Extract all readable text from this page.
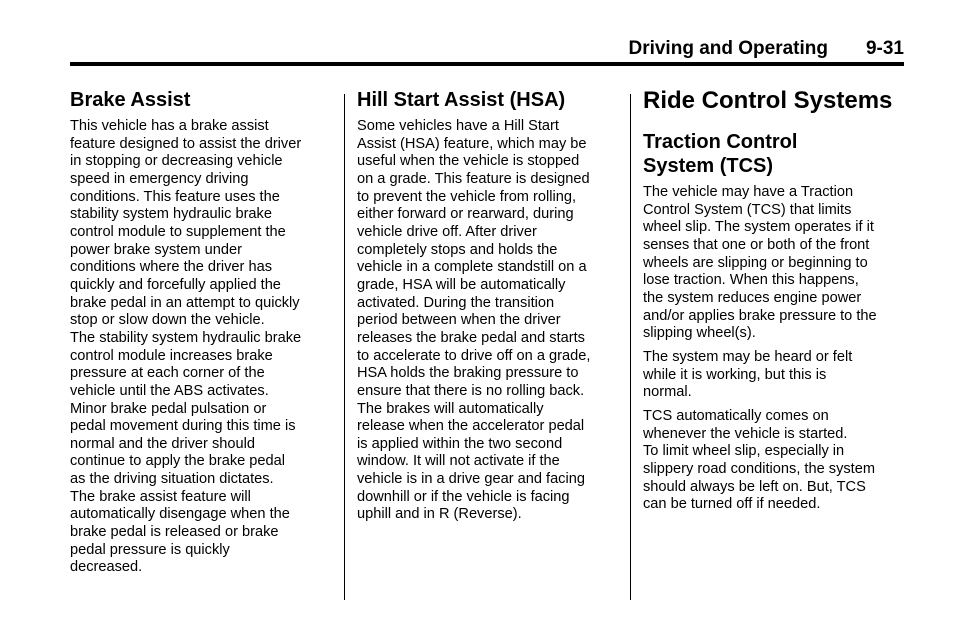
Driving and Operating 9-31
Brake Assist

This vehicle has a brake assist
feature designed to assist the driver
in stopping or decreasing vehicle
speed in emergency driving
conditions. This feature uses the
stability system hydraulic brake
control module to supplement the
power brake system under
conditions where the driver has
quickly and forcefully applied the
brake pedal in an attempt to quickly
stop or slow down the vehicle.
The stability system hydraulic brake
control module increases brake
pressure at each corner of the
vehicle until the ABS activates.
Minor brake pedal pulsation or
pedal movement during this time is
normal and the driver should
continue to apply the brake pedal
as the driving situation dictates.
The brake assist feature will
automatically disengage when the
brake pedal is released or brake
pedal pressure is quickly
decreased.

Hill Start Assist (HSA)

Some vehicles have a Hill Start
Assist (HSA) feature, which may be
useful when the vehicle is stopped
on a grade. This feature is designed
to prevent the vehicle from rolling,
either forward or rearward, during
vehicle drive off. After driver
completely stops and holds the
vehicle in a complete standstill on a
grade, HSA will be automatically
activated. During the transition
period between when the driver
releases the brake pedal and starts
to accelerate to drive off on a grade,
HSA holds the braking pressure to
ensure that there is no rolling back.
The brakes will automatically
release when the accelerator pedal
is applied within the two second
window. It will not activate if the
vehicle is in a drive gear and facing
downhill or if the vehicle is facing
uphill and in R (Reverse).

Ride Control Systems
Traction Control
System (TCS)

The vehicle may have a Traction
Control System (TCS) that limits
wheel slip. The system operates if it
senses that one or both of the front
wheels are slipping or beginning to
lose traction. When this happens,
the system reduces engine power
and/or applies brake pressure to the
slipping wheel(s).

The system may be heard or felt
while it is working, but this is
normal.

TCS automatically comes on
whenever the vehicle is started.
To limit wheel slip, especially in
slippery road conditions, the system
should always be left on. But, TCS
can be turned off if needed.
